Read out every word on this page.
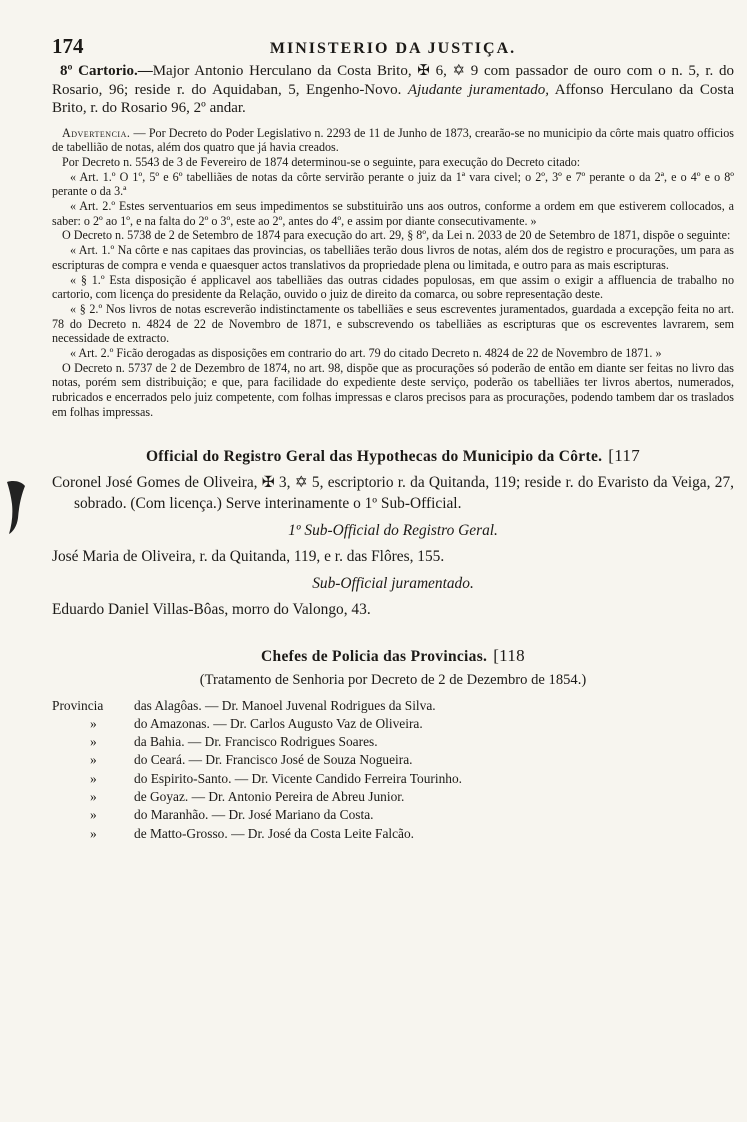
174	MINISTERIO DA JUSTIÇA.
8º Cartorio.—Major Antonio Herculano da Costa Brito, ✠ 6, ✡ 9 com passador de ouro com o n. 5, r. do Rosario, 96; reside r. do Aquidaban, 5, Engenho-Novo. Ajudante juramentado, Affonso Herculano da Costa Brito, r. do Rosario 96, 2º andar.

Advertencia. — Por Decreto do Poder Legislativo n. 2293 de 11 de Junho de 1873, crearão-se no municipio da côrte mais quatro officios de tabellião de notas, além dos quatro que já havia creados.

Por Decreto n. 5543 de 3 de Fevereiro de 1874 determinou-se o seguinte, para execução do Decreto citado:

« Art. 1.º O 1º, 5º e 6º tabelliães de notas da côrte servirão perante o juiz da 1ª vara civel; o 2º, 3º e 7º perante o da 2ª, e o 4º e o 8º perante o da 3.ª

« Art. 2.º Estes serventuarios em seus impedimentos se substituirão uns aos outros, conforme a ordem em que estiverem collocados, a saber: o 2º ao 1º, e na falta do 2º o 3º, este ao 2º, antes do 4º, e assim por diante consecutivamente. »

O Decreto n. 5738 de 2 de Setembro de 1874 para execução do art. 29, § 8º, da Lei n. 2033 de 20 de Setembro de 1871, dispõe o seguinte:

« Art. 1.º Na côrte e nas capitaes das provincias, os tabelliães terão dous livros de notas, além dos de registro e procurações, um para as escripturas de compra e venda e quaesquer actos translativos da propriedade plena ou limitada, e outro para as mais escripturas.

« § 1.º Esta disposição é applicavel aos tabelliães das outras cidades populosas, em que assim o exigir a affluencia de trabalho no cartorio, com licença do presidente da Relação, ouvido o juiz de direito da comarca, ou sobre representação deste.

« § 2.º Nos livros de notas escreverão indistinctamente os tabelliães e seus escreventes juramentados, guardada a excepção feita no art. 78 do Decreto n. 4824 de 22 de Novembro de 1871, e subscrevendo os tabelliães as escripturas que os escreventes lavrarem, sem necessidade de extracto.

« Art. 2.º Ficão derogadas as disposições em contrario do art. 79 do citado Decreto n. 4824 de 22 de Novembro de 1871. »

O Decreto n. 5737 de 2 de Dezembro de 1874, no art. 98, dispõe que as procurações só poderão de então em diante ser feitas no livro das notas, porém sem distribuição; e que, para facilidade do expediente deste serviço, poderão os tabelliães ter livros abertos, numerados, rubricados e encerrados pelo juiz competente, com folhas impressas e claros precisos para as procurações, podendo tambem dar os traslados em folhas impressas.

Official do Registro Geral das Hypothecas do Municipio da Côrte. [117
Coronel José Gomes de Oliveira, ✠ 3, ✡ 5, escriptorio r. da Quitanda, 119; reside r. do Evaristo da Veiga, 27, sobrado. (Com licença.) Serve interinamente o 1º Sub-Official.
1º Sub-Official do Registro Geral.
José Maria de Oliveira, r. da Quitanda, 119, e r. das Flôres, 155.
Sub-Official juramentado.
Eduardo Daniel Villas-Bôas, morro do Valongo, 43.
Chefes de Policia das Provincias. [118
(Tratamento de Senhoria por Decreto de 2 de Dezembro de 1854.)
Provincia	das Alagôas. — Dr. Manoel Juvenal Rodrigues da Silva.
»	do Amazonas. — Dr. Carlos Augusto Vaz de Oliveira.
»	da Bahia. — Dr. Francisco Rodrigues Soares.
»	do Ceará. — Dr. Francisco José de Souza Nogueira.
»	do Espirito-Santo. — Dr. Vicente Candido Ferreira Tourinho.
»	de Goyaz. — Dr. Antonio Pereira de Abreu Junior.
»	do Maranhão. — Dr. José Mariano da Costa.
»	de Matto-Grosso. — Dr. José da Costa Leite Falcão.
